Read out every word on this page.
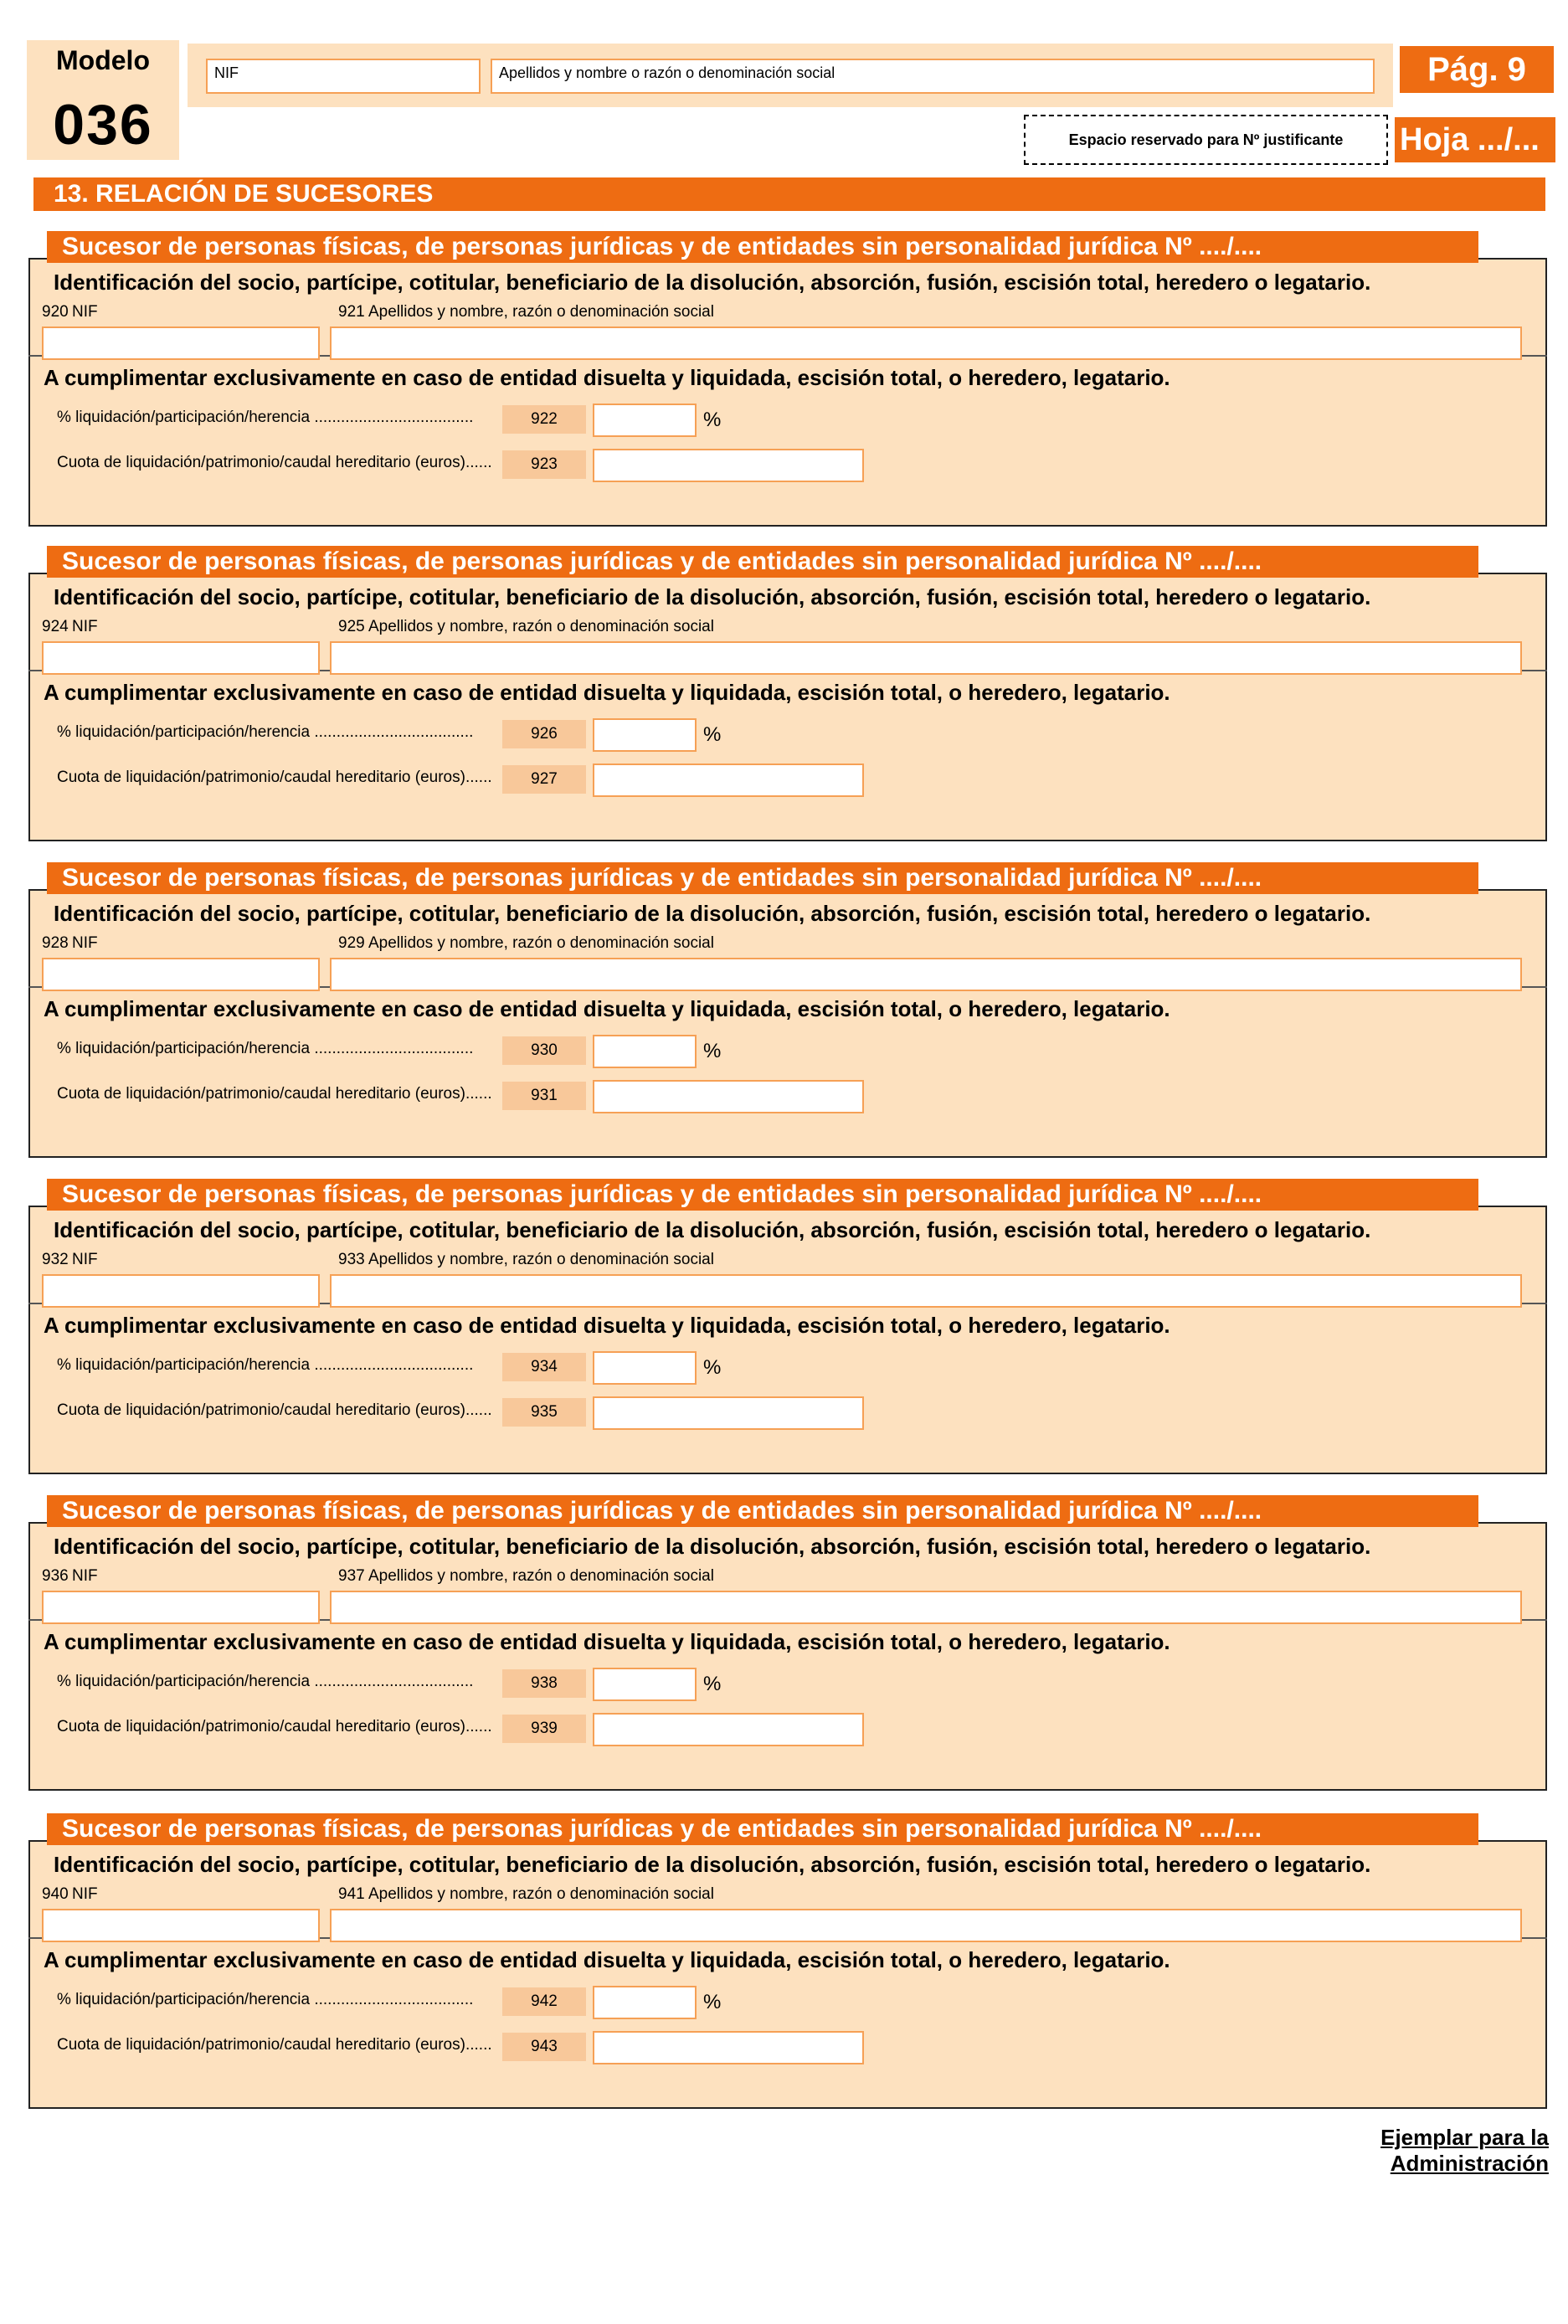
Modelo
036
NIF	Apellidos y nombre o razón o denominación social	Pág. 9
Espacio reservado para Nº justificante	Hoja .../...
13. RELACIÓN DE SUCESORES
Sucesor de personas físicas, de personas jurídicas y de entidades sin personalidad jurídica Nº ..../....
Identificación del socio, partícipe, cotitular, beneficiario de la disolución, absorción, fusión, escisión total, heredero o legatario.
920 NIF	921 Apellidos y nombre, razón o denominación social
A cumplimentar exclusivamente en caso de entidad disuelta y liquidada, escisión total, o heredero, legatario.
% liquidación/participación/herencia ....................................	922	%
Cuota de liquidación/patrimonio/caudal hereditario (euros)......	923
Sucesor de personas físicas, de personas jurídicas y de entidades sin personalidad jurídica Nº ..../....
Identificación del socio, partícipe, cotitular, beneficiario de la disolución, absorción, fusión, escisión total, heredero o legatario.
924 NIF	925 Apellidos y nombre, razón o denominación social
A cumplimentar exclusivamente en caso de entidad disuelta y liquidada, escisión total, o heredero, legatario.
% liquidación/participación/herencia ....................................	926	%
Cuota de liquidación/patrimonio/caudal hereditario (euros)......	927
Sucesor de personas físicas, de personas jurídicas y de entidades sin personalidad jurídica Nº ..../....
Identificación del socio, partícipe, cotitular, beneficiario de la disolución, absorción, fusión, escisión total, heredero o legatario.
928 NIF	929 Apellidos y nombre, razón o denominación social
A cumplimentar exclusivamente en caso de entidad disuelta y liquidada, escisión total, o heredero, legatario.
% liquidación/participación/herencia ....................................	930	%
Cuota de liquidación/patrimonio/caudal hereditario (euros)......	931
Sucesor de personas físicas, de personas jurídicas y de entidades sin personalidad jurídica Nº ..../....
Identificación del socio, partícipe, cotitular, beneficiario de la disolución, absorción, fusión, escisión total, heredero o legatario.
932 NIF	933 Apellidos y nombre, razón o denominación social
A cumplimentar exclusivamente en caso de entidad disuelta y liquidada, escisión total, o heredero, legatario.
% liquidación/participación/herencia ....................................	934	%
Cuota de liquidación/patrimonio/caudal hereditario (euros)......	935
Sucesor de personas físicas, de personas jurídicas y de entidades sin personalidad jurídica Nº ..../....
Identificación del socio, partícipe, cotitular, beneficiario de la disolución, absorción, fusión, escisión total, heredero o legatario.
936 NIF	937 Apellidos y nombre, razón o denominación social
A cumplimentar exclusivamente en caso de entidad disuelta y liquidada, escisión total, o heredero, legatario.
% liquidación/participación/herencia ....................................	938	%
Cuota de liquidación/patrimonio/caudal hereditario (euros)......	939
Sucesor de personas físicas, de personas jurídicas y de entidades sin personalidad jurídica Nº ..../....
Identificación del socio, partícipe, cotitular, beneficiario de la disolución, absorción, fusión, escisión total, heredero o legatario.
940 NIF	941 Apellidos y nombre, razón o denominación social
A cumplimentar exclusivamente en caso de entidad disuelta y liquidada, escisión total, o heredero, legatario.
% liquidación/participación/herencia ....................................	942	%
Cuota de liquidación/patrimonio/caudal hereditario (euros)......	943
Ejemplar para la Administración
